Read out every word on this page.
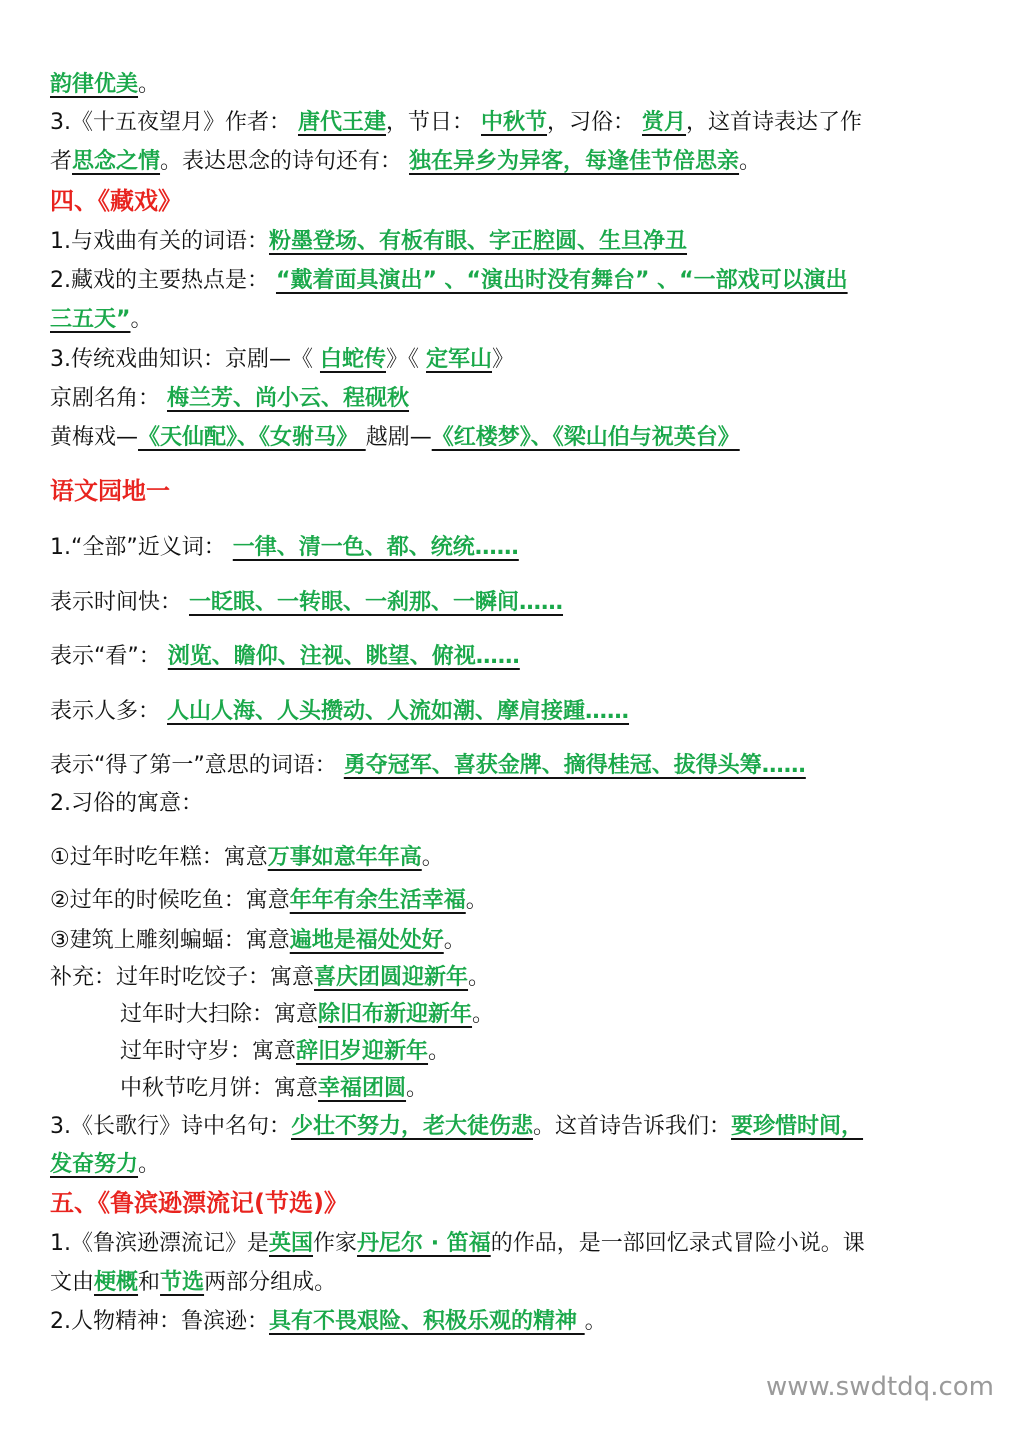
韵律优美。
3.《十五夜望月》作者： 唐代王建，节日： 中秋节，习俗： 赏月，这首诗表达了作
者思念之情。表达思念的诗句还有： 独在异乡为异客，每逢佳节倍思亲。
四、《藏戏》
1.与戏曲有关的词语：粉墨登场、有板有眼、字正腔圆、生旦净丑
2.藏戏的主要热点是： “戴着面具演出” 、“演出时没有舞台” 、“一部戏可以演出
三五天”。
3.传统戏曲知识：京剧—《 白蛇传》《 定军山》
京剧名角： 梅兰芳、尚小云、程砚秋
黄梅戏—《天仙配》、《女驸马》 越剧—《红楼梦》、《梁山伯与祝英台》
语文园地一
1.“全部”近义词： 一律、清一色、都、统统……
表示时间快： 一眨眼、一转眼、一刹那、一瞬间……
表示“看”： 浏览、瞻仰、注视、眺望、俯视……
表示人多： 人山人海、人头攒动、人流如潮、摩肩接踵……
表示“得了第一”意思的词语： 勇夺冠军、喜获金牌、摘得桂冠、拔得头筹……
2.习俗的寓意：
①过年时吃年糕：寓意万事如意年年高。
②过年的时候吃鱼：寓意年年有余生活幸福。
③建筑上雕刻蝙蝠：寓意遍地是福处处好。
补充：过年时吃饺子：寓意喜庆团圆迎新年。
过年时大扫除：寓意除旧布新迎新年。
过年时守岁：寓意辞旧岁迎新年。
中秋节吃月饼：寓意幸福团圆。
3.《长歌行》诗中名句：少壮不努力，老大徒伤悲。这首诗告诉我们：要珍惜时间，
发奋努力。
五、《鲁滨逊漂流记(节选)》
1.《鲁滨逊漂流记》是英国作家丹尼尔 · 笛福的作品，是一部回忆录式冒险小说。课
文由梗概和节选两部分组成。
2.人物精神：鲁滨逊：具有不畏艰险、积极乐观的精神 。
www.swdtdq.com
